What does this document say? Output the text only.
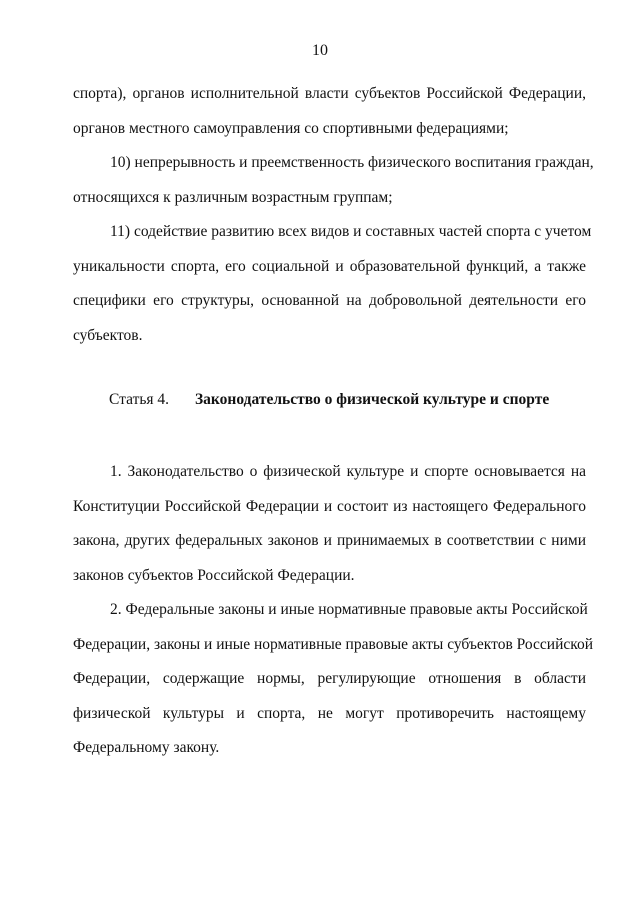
10
спорта), органов исполнительной власти субъектов Российской Федерации,
органов местного самоуправления со спортивными федерациями;
10) непрерывность и преемственность физического воспитания граждан,
относящихся к различным возрастным группам;
11) содействие развитию всех видов и составных частей спорта с учетом
уникальности спорта, его социальной и образовательной функций, а также
специфики его структуры, основанной на добровольной деятельности его
субъектов.
Статья 4. Законодательство о физической культуре и спорте
1. Законодательство о физической культуре и спорте основывается на
Конституции Российской Федерации и состоит из настоящего Федерального
закона, других федеральных законов и принимаемых в соответствии с ними
законов субъектов Российской Федерации.
2. Федеральные законы и иные нормативные правовые акты Российской
Федерации, законы и иные нормативные правовые акты субъектов Российской
Федерации, содержащие нормы, регулирующие отношения в области
физической культуры и спорта, не могут противоречить настоящему
Федеральному закону.
